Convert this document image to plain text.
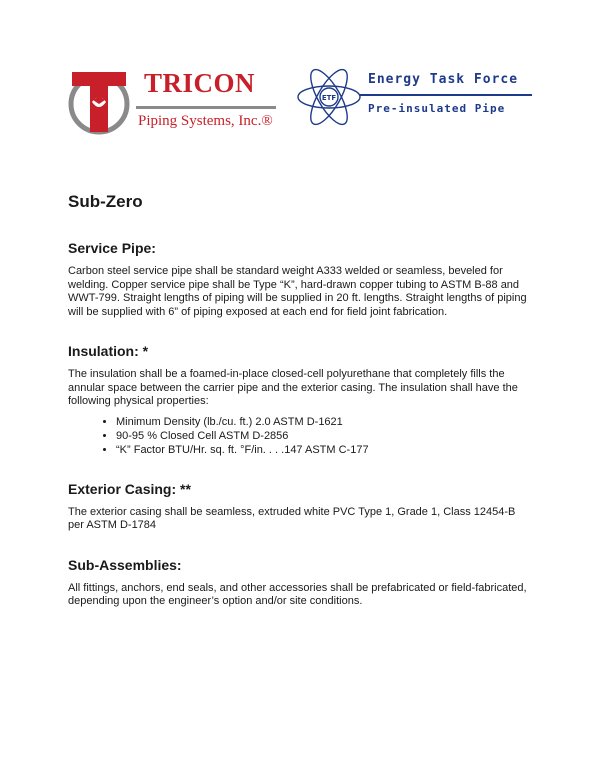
TRICON
Piping Systems, Inc.®
ETF
Energy Task Force
Pre-insulated Pipe
Sub-Zero
Service Pipe:

Carbon steel service pipe shall be standard weight A333 welded or seamless, beveled for welding. Copper service pipe shall be Type “K”, hard-drawn copper tubing to ASTM B-88 and WWT-799. Straight lengths of piping will be supplied in 20 ft. lengths. Straight lengths of piping will be supplied with 6” of piping exposed at each end for field joint fabrication.

Insulation: *

The insulation shall be a foamed-in-place closed-cell polyurethane that completely fills the annular space between the carrier pipe and the exterior casing. The insulation shall have the following physical properties:

• Minimum Density (lb./cu. ft.) 2.0 ASTM D-1621
• 90-95 % Closed Cell ASTM D-2856
• “K” Factor BTU/Hr. sq. ft. °F/in. . . .147 ASTM C-177
Exterior Casing: **

The exterior casing shall be seamless, extruded white PVC Type 1, Grade 1, Class 12454-B per ASTM D-1784

Sub-Assemblies:

All fittings, anchors, end seals, and other accessories shall be prefabricated or field-fabricated, depending upon the engineer’s option and/or site conditions.
